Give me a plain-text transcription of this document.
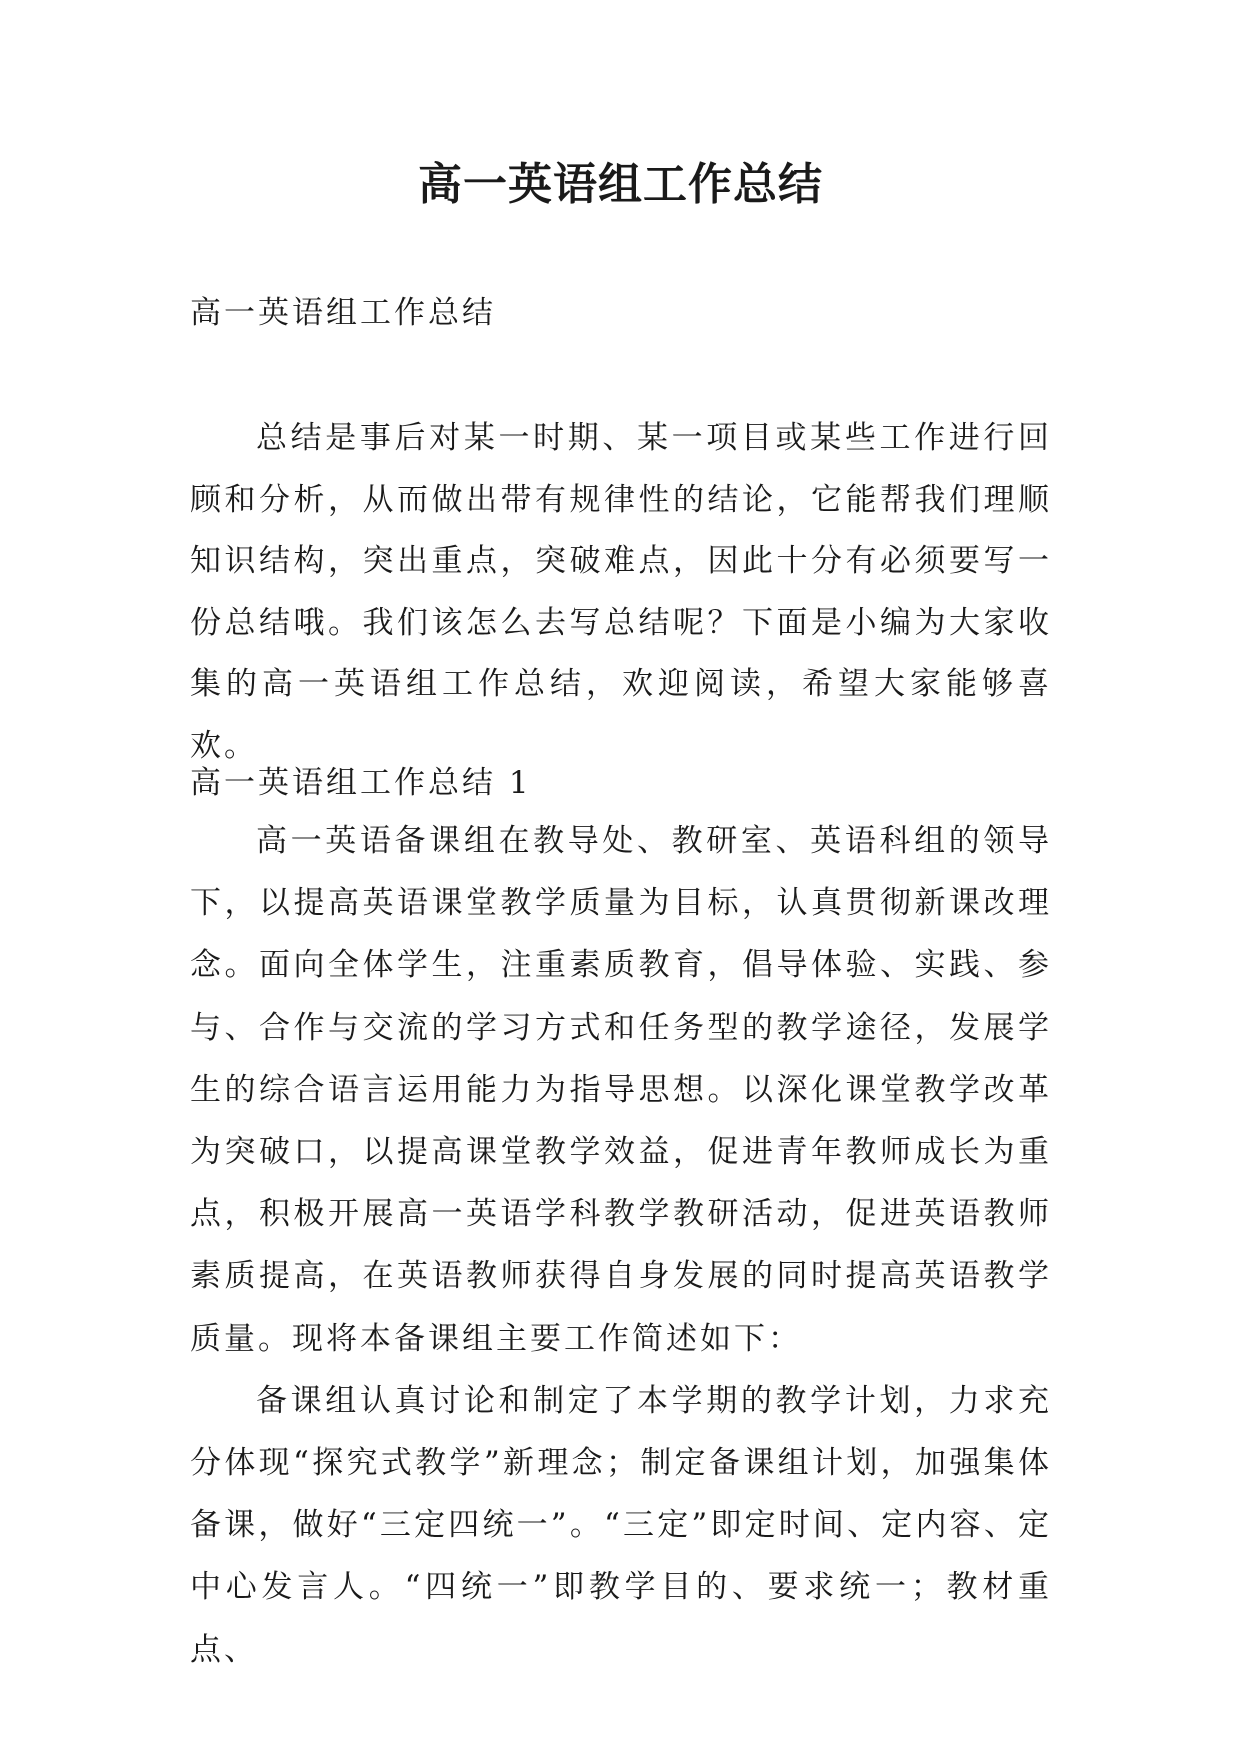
高一英语组工作总结

高一英语组工作总结

总结是事后对某一时期、某一项目或某些工作进行回顾和分析，从而做出带有规律性的结论，它能帮我们理顺知识结构，突出重点，突破难点，因此十分有必须要写一份总结哦。我们该怎么去写总结呢？下面是小编为大家收集的高一英语组工作总结，欢迎阅读，希望大家能够喜欢。

高一英语组工作总结 1

高一英语备课组在教导处、教研室、英语科组的领导下，以提高英语课堂教学质量为目标，认真贯彻新课改理念。面向全体学生，注重素质教育，倡导体验、实践、参与、合作与交流的学习方式和任务型的教学途径，发展学生的综合语言运用能力为指导思想。以深化课堂教学改革为突破口，以提高课堂教学效益，促进青年教师成长为重点，积极开展高一英语学科教学教研活动，促进英语教师素质提高，在英语教师获得自身发展的同时提高英语教学质量。现将本备课组主要工作简述如下：

备课组认真讨论和制定了本学期的教学计划，力求充分体现“探究式教学”新理念；制定备课组计划，加强集体备课，做好“三定四统一”。“三定”即定时间、定内容、定中心发言人。“四统一”即教学目的、要求统一；教材重点、
